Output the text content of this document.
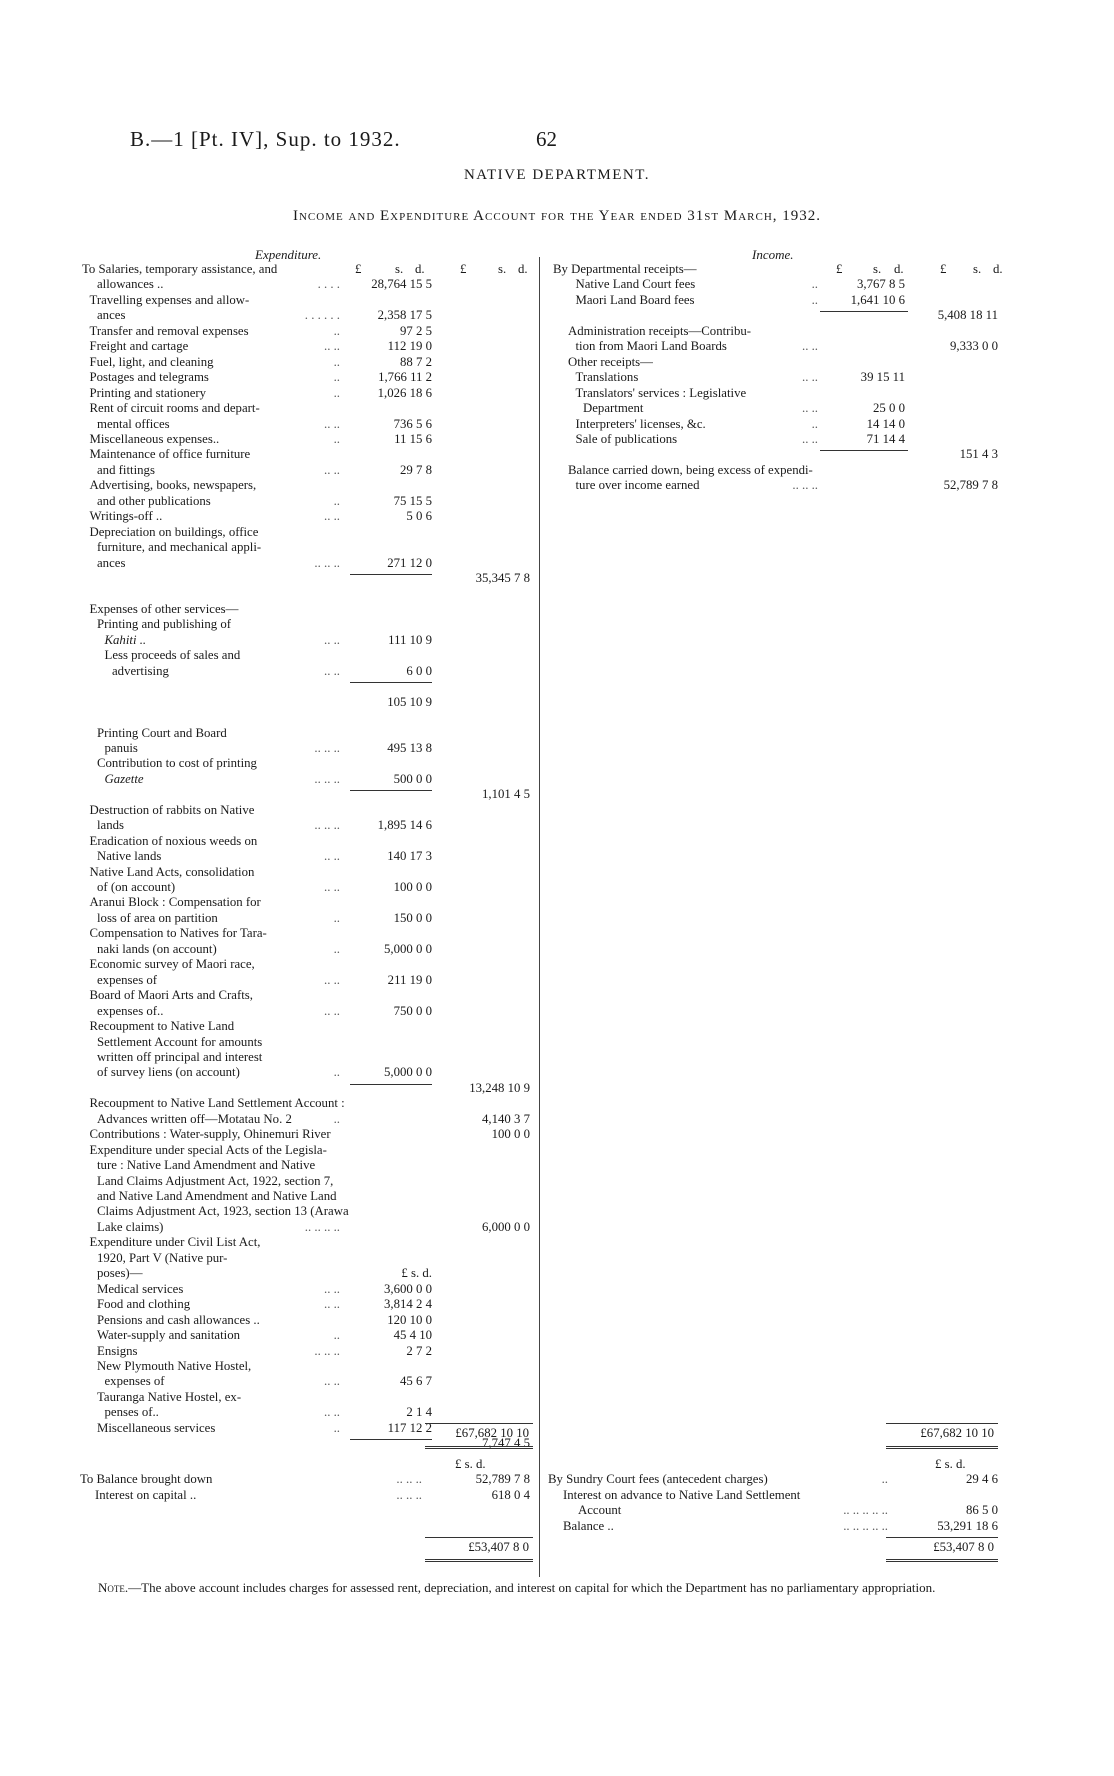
B.—1 [Pt. IV], Sup. to 1932.	62
NATIVE DEPARTMENT.
Income and Expenditure Account for the Year ended 31st March, 1932.
Expenditure.
£	s. d.	£ s. d.
To Salaries, temporary assistance, and
allowances ..	. . . .	28,764 15 5
Travelling expenses and allow-
ances	. . . . . .	2,358 17 5
Transfer and removal expenses	..	97 2 5
Freight and cartage	.. ..	112 19 0
Fuel, light, and cleaning	..	88 7 2
Postages and telegrams	..	1,766 11 2
Printing and stationery	..	1,026 18 6
Rent of circuit rooms and depart-
mental offices	.. ..	736 5 6
Miscellaneous expenses..	..	11 15 6
Maintenance of office furniture
and fittings	.. ..	29 7 8
Advertising, books, newspapers,
and other publications	..	75 15 5
Writings-off ..	.. ..	5 0 6
Depreciation on buildings, office
furniture, and mechanical appli-
ances	.. .. ..	271 12 0
35,345 7 8
Expenses of other services—
Printing and publishing of
Kahiti ..	.. ..	111 10 9
Less proceeds of sales and
advertising	.. ..	6 0 0
105 10 9
Printing Court and Board
panuis	.. .. ..	495 13 8
Contribution to cost of printing
Gazette	.. .. ..	500 0 0
1,101 4 5
Destruction of rabbits on Native
lands	.. .. ..	1,895 14 6
Eradication of noxious weeds on
Native lands	.. ..	140 17 3
Native Land Acts, consolidation
of (on account)	.. ..	100 0 0
Aranui Block : Compensation for
loss of area on partition	..	150 0 0
Compensation to Natives for Tara-
naki lands (on account)	..	5,000 0 0
Economic survey of Maori race,
expenses of	.. ..	211 19 0
Board of Maori Arts and Crafts,
expenses of..	.. ..	750 0 0
Recoupment to Native Land
Settlement Account for amounts
written off principal and interest
of survey liens (on account)	..	5,000 0 0
13,248 10 9
Recoupment to Native Land Settlement Account :
Advances written off—Motatau No. 2	..	4,140 3 7
Contributions : Water-supply, Ohinemuri River	100 0 0
Expenditure under special Acts of the Legisla-
ture : Native Land Amendment and Native
Land Claims Adjustment Act, 1922, section 7,
and Native Land Amendment and Native Land
Claims Adjustment Act, 1923, section 13 (Arawa
Lake claims)	.. .. .. ..	6,000 0 0
Expenditure under Civil List Act,
1920, Part V (Native pur-
poses)—	£ s. d.
Medical services	.. ..	3,600 0 0
Food and clothing	.. ..	3,814 2 4
Pensions and cash allowances ..	120 10 0
Water-supply and sanitation	..	45 4 10
Ensigns	.. .. ..	2 7 2
New Plymouth Native Hostel,
expenses of	.. ..	45 6 7
Tauranga Native Hostel, ex-
penses of..	.. ..	2 1 4
Miscellaneous services	..	117 12 2
7,747 4 5
£67,682 10 10
£ s. d.
To Balance brought down	.. .. ..	52,789 7 8
Interest on capital ..	.. .. ..	618 0 4
£53,407 8 0
Income.
£ s. d.	£ s. d.
By Departmental receipts—
Native Land Court fees	..	3,767 8 5
Maori Land Board fees	..	1,641 10 6
5,408 18 11
Administration receipts—Contribu-
tion from Maori Land Boards	.. ..	9,333 0 0
Other receipts—
Translations	.. ..	39 15 11
Translators' services : Legislative
Department	.. ..	25 0 0
Interpreters' licenses, &c.	..	14 14 0
Sale of publications	.. ..	71 14 4
151 4 3
Balance carried down, being excess of expendi-
ture over income earned	.. .. ..	52,789 7 8
£67,682 10 10
£ s. d.
By Sundry Court fees (antecedent charges)	..	29 4 6
Interest on advance to Native Land Settlement
Account	.. .. .. .. ..	86 5 0
Balance ..	.. .. .. .. ..	53,291 18 6
£53,407 8 0
Note.—The above account includes charges for assessed rent, depreciation, and interest on capital for which the Department has no parliamentary appropriation.
